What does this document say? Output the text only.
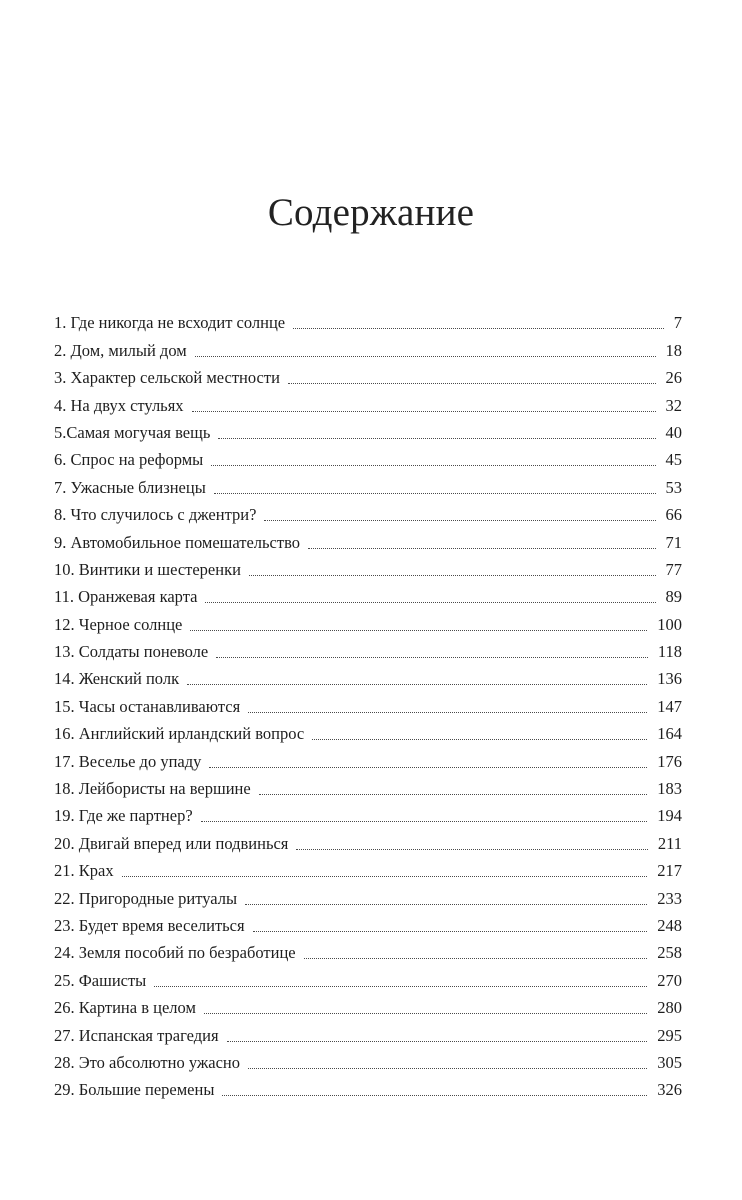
Содержание
1. Где никогда не всходит солнце	7
2. Дом, милый дом	18
3. Характер сельской местности	26
4. На двух стульях	32
5.Самая могучая вещь	40
6. Спрос на реформы	45
7. Ужасные близнецы	53
8. Что случилось с джентри?	66
9. Автомобильное помешательство	71
10. Винтики и шестеренки	77
11. Оранжевая карта	89
12. Черное солнце	100
13. Солдаты поневоле	118
14. Женский полк	136
15. Часы останавливаются	147
16. Английский ирландский вопрос	164
17. Веселье до упаду	176
18. Лейбористы на вершине	183
19. Где же партнер?	194
20. Двигай вперед или подвинься	211
21. Крах	217
22. Пригородные ритуалы	233
23. Будет время веселиться	248
24. Земля пособий по безработице	258
25. Фашисты	270
26. Картина в целом	280
27. Испанская трагедия	295
28. Это абсолютно ужасно	305
29. Большие перемены	326
